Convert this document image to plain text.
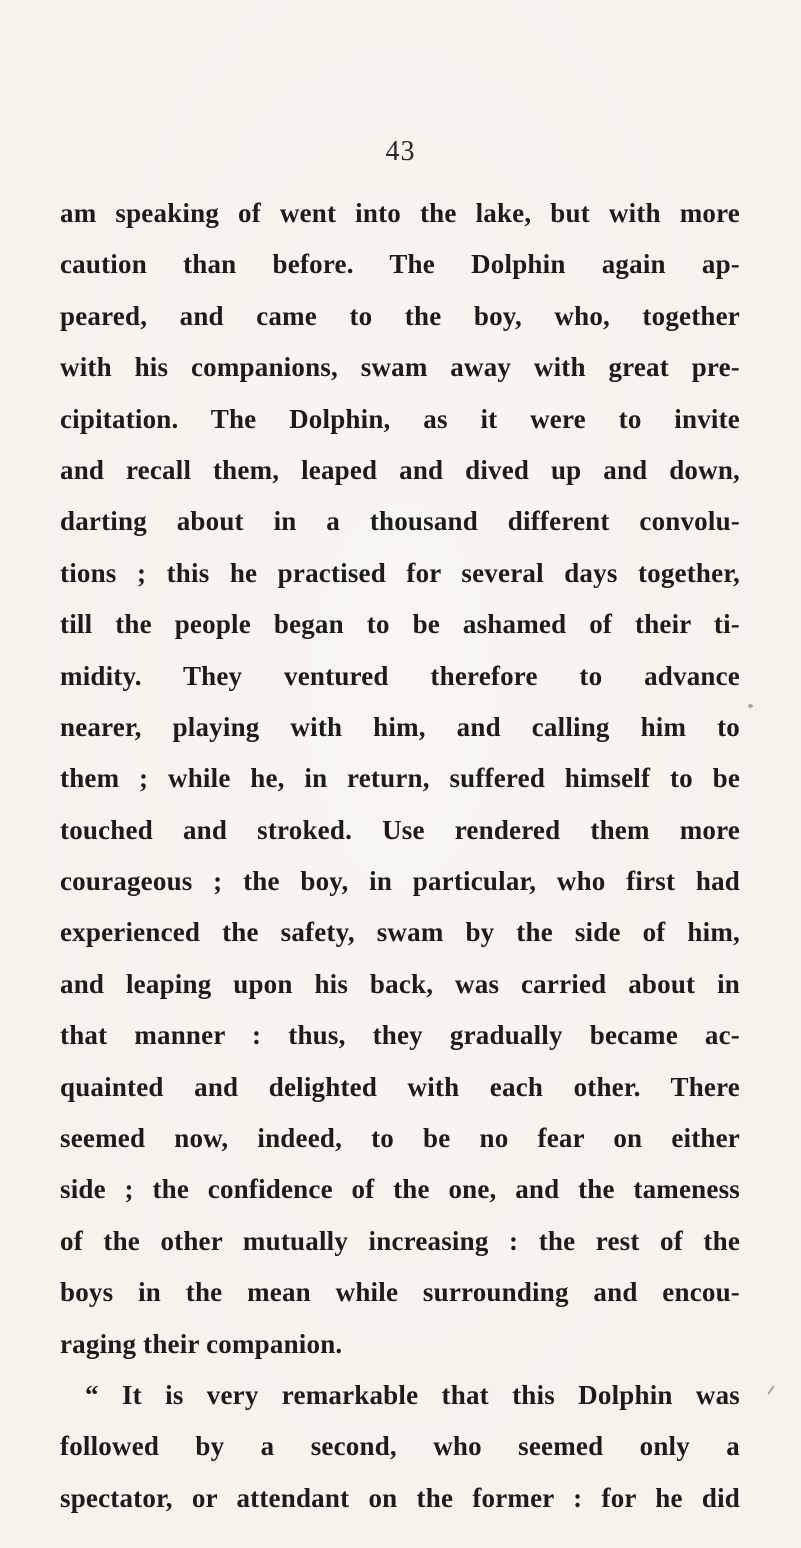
43
am speaking of went into the lake, but with more
caution than before. The Dolphin again ap-
peared, and came to the boy, who, together
with his companions, swam away with great pre-
cipitation. The Dolphin, as it were to invite
and recall them, leaped and dived up and down,
darting about in a thousand different convolu-
tions ; this he practised for several days together,
till the people began to be ashamed of their ti-
midity. They ventured therefore to advance
nearer, playing with him, and calling him to
them ; while he, in return, suffered himself to be
touched and stroked. Use rendered them more
courageous ; the boy, in particular, who first had
experienced the safety, swam by the side of him,
and leaping upon his back, was carried about in
that manner : thus, they gradually became ac-
quainted and delighted with each other. There
seemed now, indeed, to be no fear on either
side ; the confidence of the one, and the tameness
of the other mutually increasing : the rest of the
boys in the mean while surrounding and encou-
raging their companion.
“ It is very remarkable that this Dolphin was
followed by a second, who seemed only a
spectator, or attendant on the former : for he did
